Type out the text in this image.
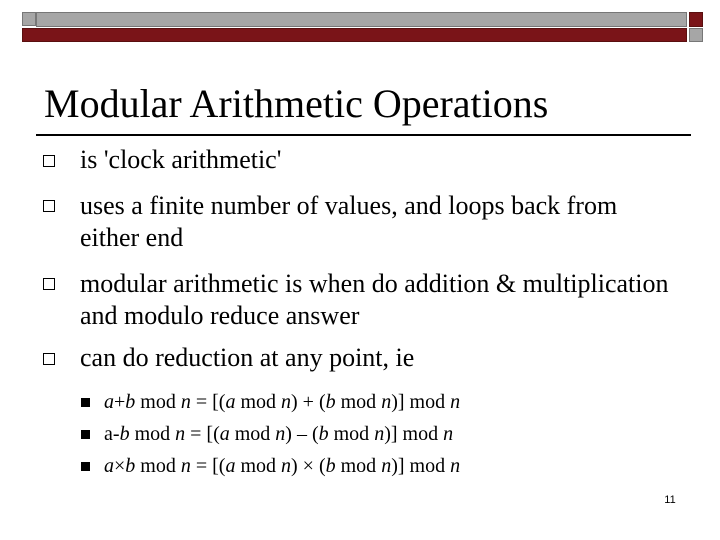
Modular Arithmetic Operations
is 'clock arithmetic'
uses a finite number of values, and loops back from either end
modular arithmetic is when do addition & multiplication and modulo reduce answer
can do reduction at any point, ie
a+b mod n = [(a mod n) + (b mod n)] mod n
a-b mod n = [(a mod n) – (b mod n)] mod n
a×b mod n = [(a mod n) × (b mod n)] mod n
11
